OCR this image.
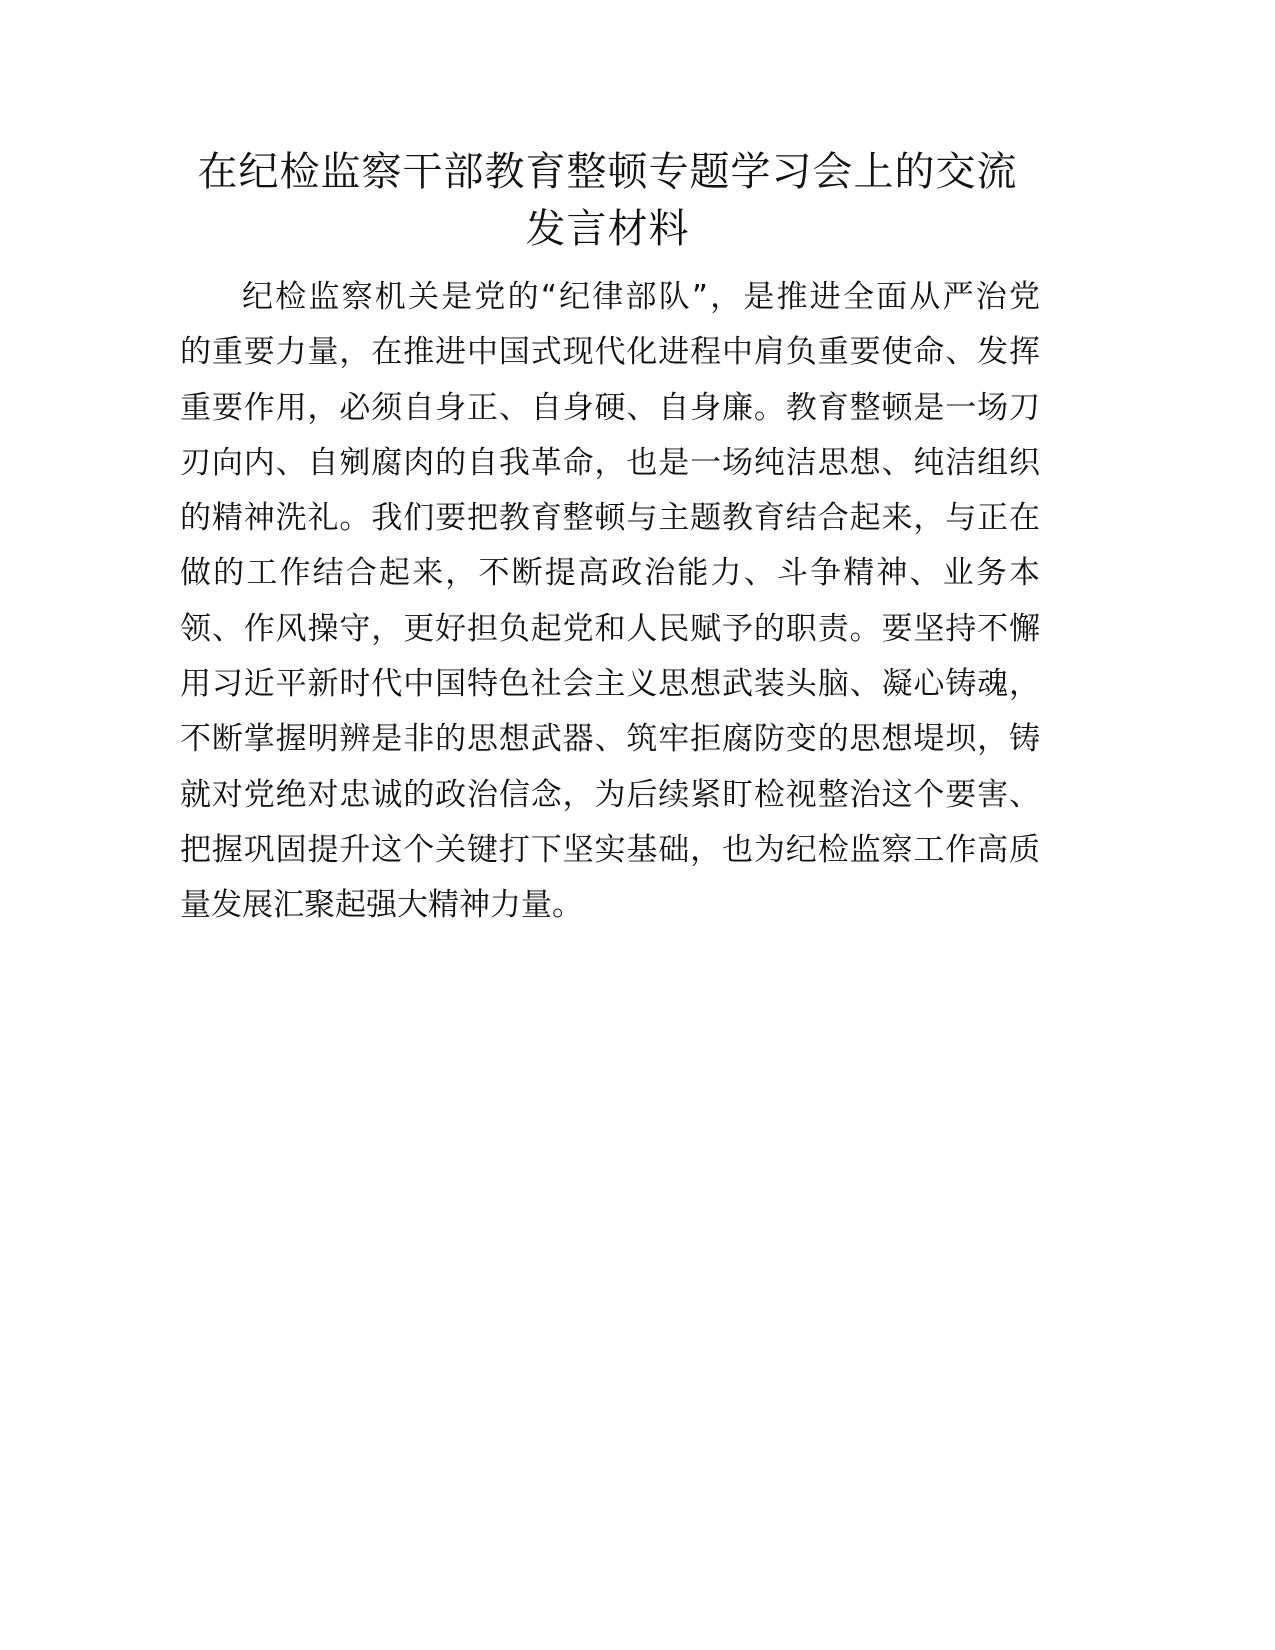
在纪检监察干部教育整顿专题学习会上的交流
发言材料
纪检监察机关是党的“纪律部队”，是推进全面从严治党
的重要力量，在推进中国式现代化进程中肩负重要使命、发挥
重要作用，必须自身正、自身硬、自身廉。教育整顿是一场刀
刃向内、自剜腐肉的自我革命，也是一场纯洁思想、纯洁组织
的精神洗礼。我们要把教育整顿与主题教育结合起来，与正在
做的工作结合起来，不断提高政治能力、斗争精神、业务本
领、作风操守，更好担负起党和人民赋予的职责。要坚持不懈
用习近平新时代中国特色社会主义思想武装头脑、凝心铸魂，
不断掌握明辨是非的思想武器、筑牢拒腐防变的思想堤坝，铸
就对党绝对忠诚的政治信念，为后续紧盯检视整治这个要害、
把握巩固提升这个关键打下坚实基础，也为纪检监察工作高质
量发展汇聚起强大精神力量。
